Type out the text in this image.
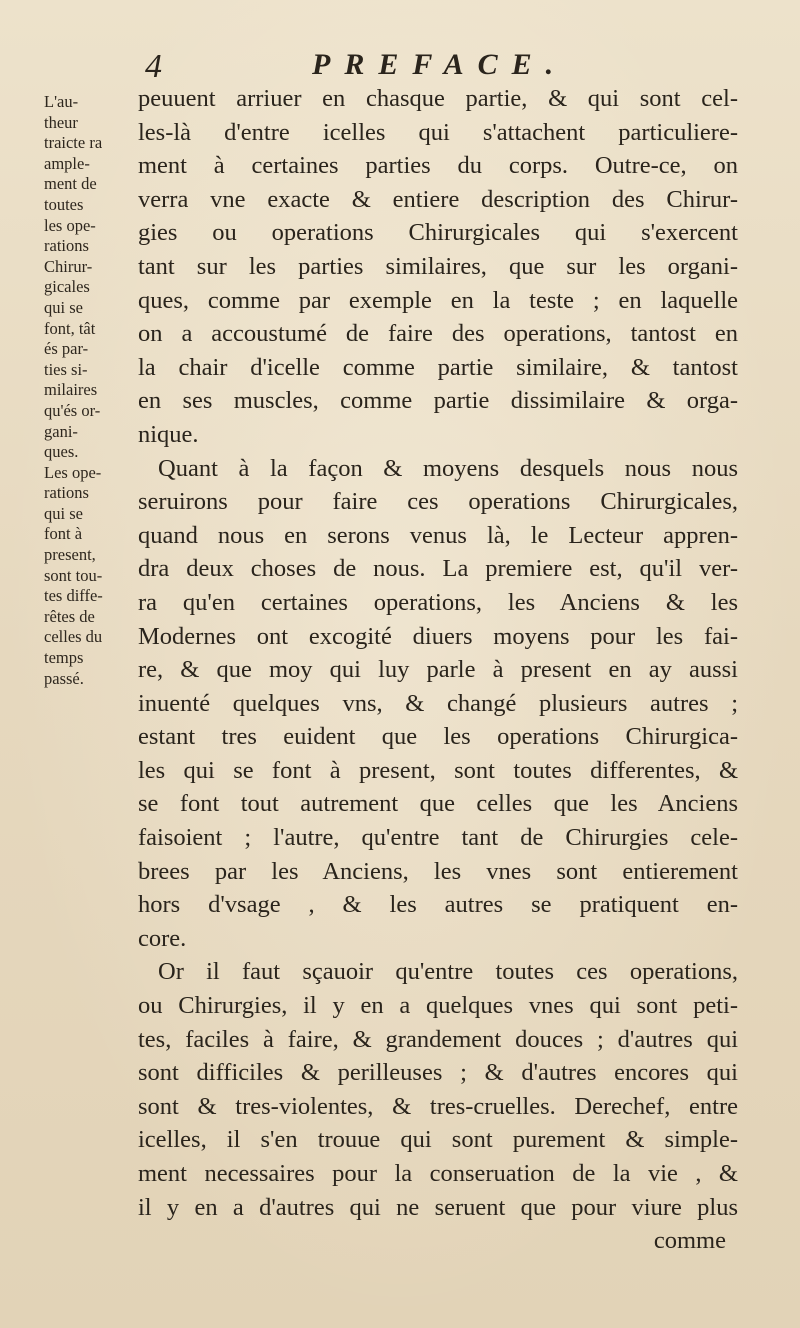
4	PREFACE.
L'au-
theur
traicte ra
ample-
ment de
toutes
les ope-
rations
Chirur-
gicales
qui se
font, tât
és par-
ties si-
milaires
qu'és or-
gani-
ques.
Les ope-
rations
qui se
font à
present,
sont tou-
tes diffe-
rêtes de
celles du
temps
passé.
peuuent arriuer en chasque partie, & qui sont cel-
les-là d'entre icelles qui s'attachent particuliere-
ment à certaines parties du corps. Outre-ce, on
verra vne exacte & entiere description des Chirur-
gies ou operations Chirurgicales qui s'exercent
tant sur les parties similaires, que sur les organi-
ques, comme par exemple en la teste ; en laquelle
on a accoustumé de faire des operations, tantost en
la chair d'icelle comme partie similaire, & tantost
en ses muscles, comme partie dissimilaire & orga-
nique.
Quant à la façon & moyens desquels nous nous
seruirons pour faire ces operations Chirurgicales,
quand nous en serons venus là, le Lecteur appren-
dra deux choses de nous. La premiere est, qu'il ver-
ra qu'en certaines operations, les Anciens & les
Modernes ont excogité diuers moyens pour les fai-
re, & que moy qui luy parle à present en ay aussi
inuenté quelques vns, & changé plusieurs autres ;
estant tres euident que les operations Chirurgica-
les qui se font à present, sont toutes differentes, &
se font tout autrement que celles que les Anciens
faisoient ; l'autre, qu'entre tant de Chirurgies cele-
brees par les Anciens, les vnes sont entierement
hors d'vsage , & les autres se pratiquent en-
core.
Or il faut sçauoir qu'entre toutes ces operations,
ou Chirurgies, il y en a quelques vnes qui sont peti-
tes, faciles à faire, & grandement douces ; d'autres qui
sont difficiles & perilleuses ; & d'autres encores qui
sont & tres-violentes, & tres-cruelles. Derechef, entre
icelles, il s'en trouue qui sont purement & simple-
ment necessaires pour la conseruation de la vie , &
il y en a d'autres qui ne seruent que pour viure plus
comme
